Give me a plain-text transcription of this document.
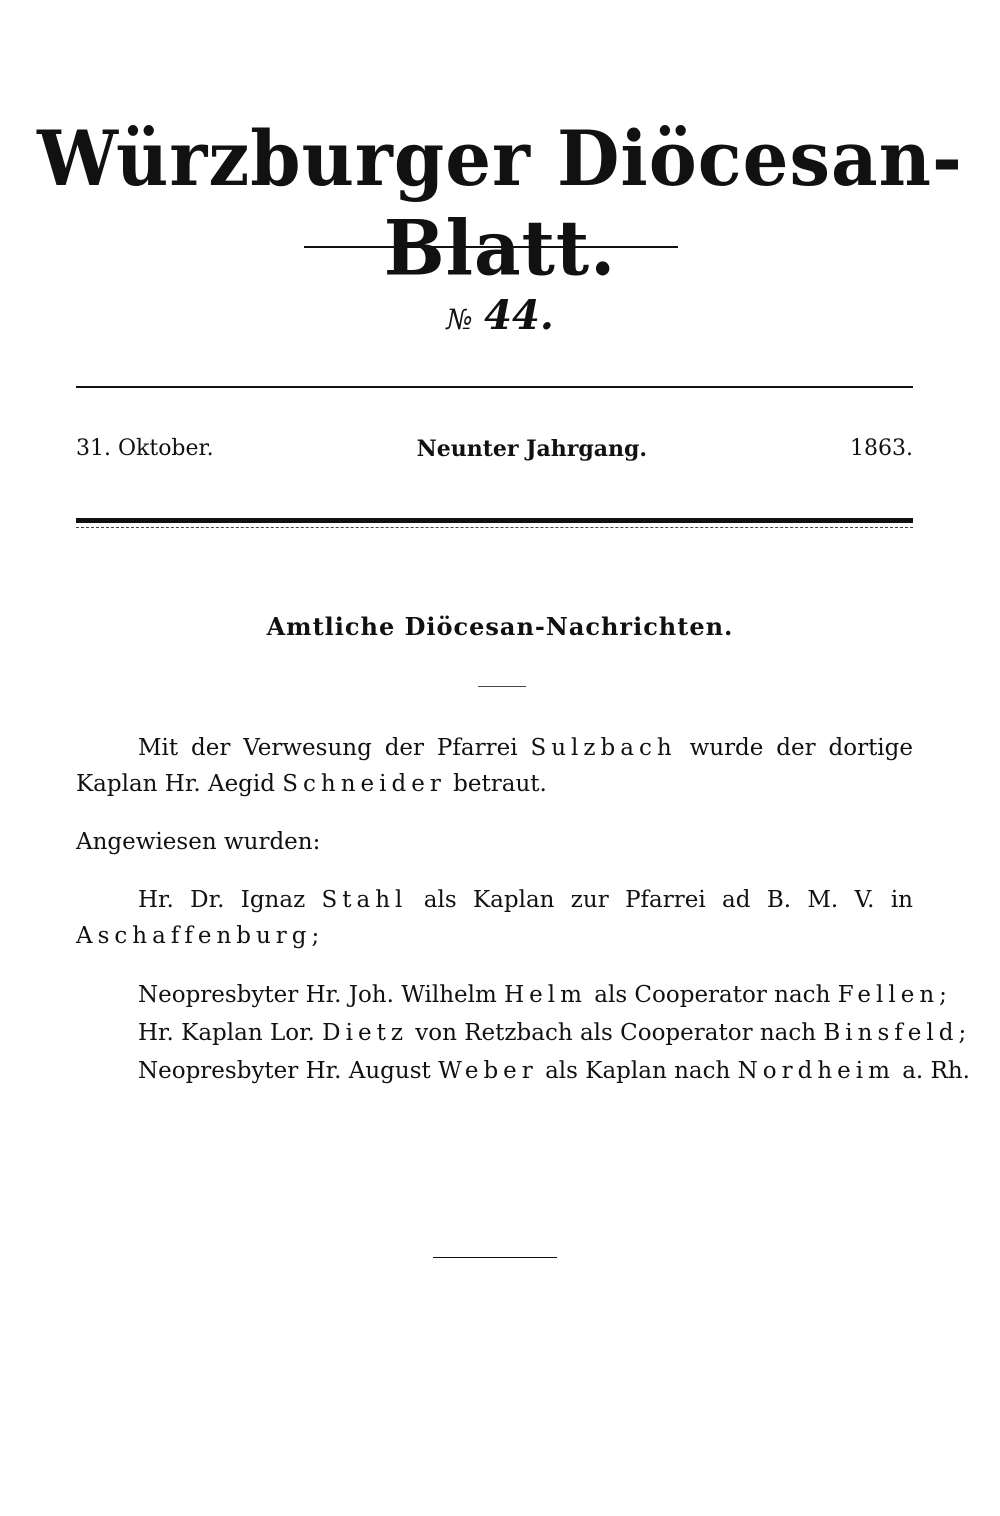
Würzburger Diöcesan-Blatt.
№ 44.
31. Oktober.	Neunter Jahrgang.	1863.
Amtliche Diöcesan-Nachrichten.

Mit der Verwesung der Pfarrei Sulzbach wurde der dortige Kaplan Hr. Aegid Schneider betraut.

Angewiesen wurden:

Hr. Dr. Ignaz Stahl als Kaplan zur Pfarrei ad B. M. V. in Aschaffenburg;

Neopresbyter Hr. Joh. Wilhelm Helm als Cooperator nach Fellen;

Hr. Kaplan Lor. Dietz von Retzbach als Cooperator nach Binsfeld;

Neopresbyter Hr. August Weber als Kaplan nach Nordheim a. Rh.
